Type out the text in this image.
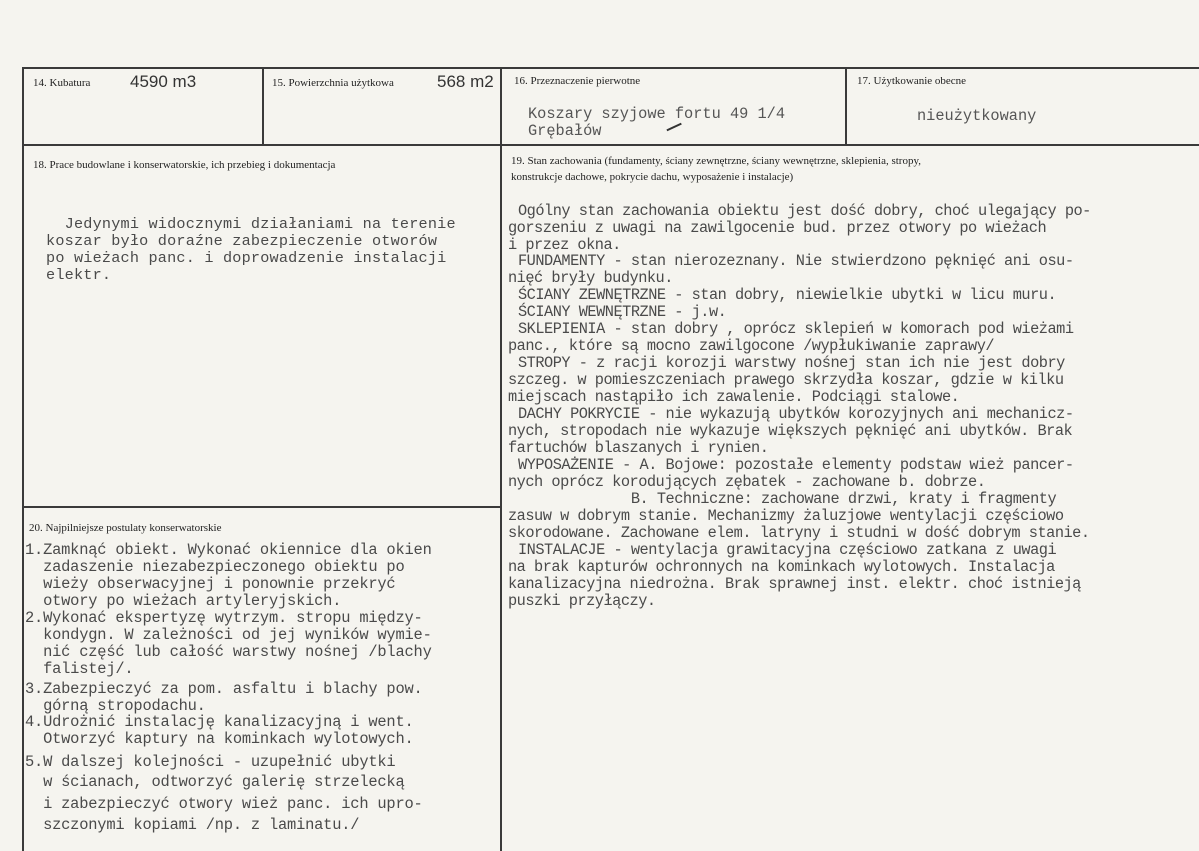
14. Kubatura 4590 m3	15. Powierzchnia użytkowa	568 m2 16. Przeznaczenie pierwotne
Koszary szyjowe fortu 49 1/4
Grębałów
17. Użytkowanie obecne
nieużytkowany
18. Prace budowlane i konserwatorskie, ich przebieg i dokumentacja
Jedynymi widocznymi działaniami na terenie
koszar było doraźne zabezpieczenie otworów
po wieżach panc. i doprowadzenie instalacji
elektr.
19. Stan zachowania (fundamenty, ściany zewnętrzne, ściany wewnętrzne, sklepienia, stropy,
konstrukcje dachowe, pokrycie dachu, wyposażenie i instalacje)
Ogólny stan zachowania obiektu jest dość dobry, choć ulegający po-
gorszeniu z uwagi na zawilgocenie bud. przez otwory po wieżach
i przez okna.
FUNDAMENTY - stan nierozeznany. Nie stwierdzono pęknięć ani osu-
nięć bryły budynku.
ŚCIANY ZEWNĘTRZNE - stan dobry, niewielkie ubytki w licu muru.
ŚCIANY WEWNĘTRZNE - j.w.
SKLEPIENIA - stan dobry , oprócz sklepień w komorach pod wieżami
panc., które są mocno zawilgocone /wypłukiwanie zaprawy/
STROPY - z racji korozji warstwy nośnej stan ich nie jest dobry
szczeg. w pomieszczeniach prawego skrzydła koszar, gdzie w kilku
miejscach nastąpiło ich zawalenie. Podciągi stalowe.
DACHY POKRYCIE - nie wykazują ubytków korozyjnych ani mechanicz-
nych, stropodach nie wykazuje większych pęknięć ani ubytków. Brak
fartuchów blaszanych i rynien.
WYPOSAŻENIE - A. Bojowe: pozostałe elementy podstaw wież pancer-
nych oprócz korodujących zębatek - zachowane b. dobrze.
B. Techniczne: zachowane drzwi, kraty i fragmenty
zasuw w dobrym stanie. Mechanizmy żaluzjowe wentylacji częściowo
skorodowane. Zachowane elem. latryny i studni w dość dobrym stanie.
INSTALACJE - wentylacja grawitacyjna częściowo zatkana z uwagi
na brak kapturów ochronnych na kominkach wylotowych. Instalacja
kanalizacyjna niedrożna. Brak sprawnej inst. elektr. choć istnieją
puszki przyłączy.
20. Najpilniejsze postulaty konserwatorskie
1.Zamknąć obiekt. Wykonać okiennice dla okien
zadaszenie niezabezpieczonego obiektu po
wieży obserwacyjnej i ponownie przekryć
otwory po wieżach artyleryjskich.
2.Wykonać ekspertyzę wytrzym. stropu między-
kondygn. W zależności od jej wyników wymie-
nić część lub całość warstwy nośnej /blachy
falistej/.
3.Zabezpieczyć za pom. asfaltu i blachy pow.
górną stropodachu.
4.Udrożnić instalację kanalizacyjną i went.
Otworzyć kaptury na kominkach wylotowych.
5.W dalszej kolejności - uzupełnić ubytki
w ścianach, odtworzyć galerię strzelecką
i zabezpieczyć otwory wież panc. ich upro-
szczonymi kopiami /np. z laminatu./
